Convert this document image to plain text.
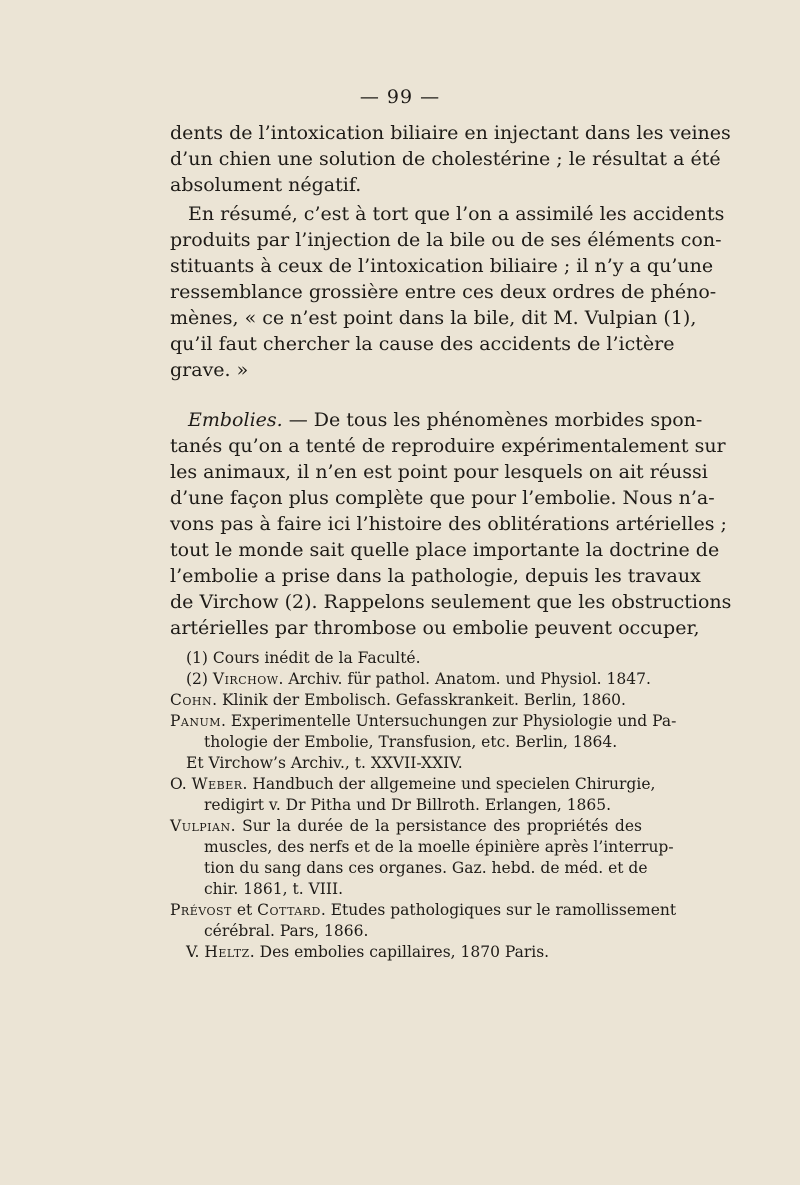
— 99 —
dents de l’intoxication biliaire en injectant dans les veines
d’un chien une solution de cholestérine ; le résultat a été
absolument négatif.
En résumé, c’est à tort que l’on a assimilé les accidents
produits par l’injection de la bile ou de ses éléments con-
stituants à ceux de l’intoxication biliaire ; il n’y a qu’une
ressemblance grossière entre ces deux ordres de phéno-
mènes, « ce n’est point dans la bile, dit M. Vulpian (1),
qu’il faut chercher la cause des accidents de l’ictère
grave. »
Embolies. — De tous les phénomènes morbides spon-
tanés qu’on a tenté de reproduire expérimentalement sur
les animaux, il n’en est point pour lesquels on ait réussi
d’une façon plus complète que pour l’embolie. Nous n’a-
vons pas à faire ici l’histoire des oblitérations artérielles ;
tout le monde sait quelle place importante la doctrine de
l’embolie a prise dans la pathologie, depuis les travaux
de Virchow (2). Rappelons seulement que les obstructions
artérielles par thrombose ou embolie peuvent occuper,
(1) Cours inédit de la Faculté.
(2) Virchow. Archiv. für pathol. Anatom. und Physiol. 1847.
Cohn. Klinik der Embolisch. Gefasskrankeit. Berlin, 1860.
Panum. Experimentelle Untersuchungen zur Physiologie und Pa-
thologie der Embolie, Transfusion, etc. Berlin, 1864.
Et Virchow’s Archiv., t. XXVII-XXIV.
O. Weber. Handbuch der allgemeine und specielen Chirurgie,
redigirt v. Dr Pitha und Dr Billroth. Erlangen, 1865.
Vulpian. Sur la durée de la persistance des propriétés des
muscles, des nerfs et de la moelle épinière après l’interrup-
tion du sang dans ces organes. Gaz. hebd. de méd. et de
chir. 1861, t. VIII.
Prévost et Cottard. Etudes pathologiques sur le ramollissement
cérébral. Pars, 1866.
V. Heltz. Des embolies capillaires, 1870 Paris.
